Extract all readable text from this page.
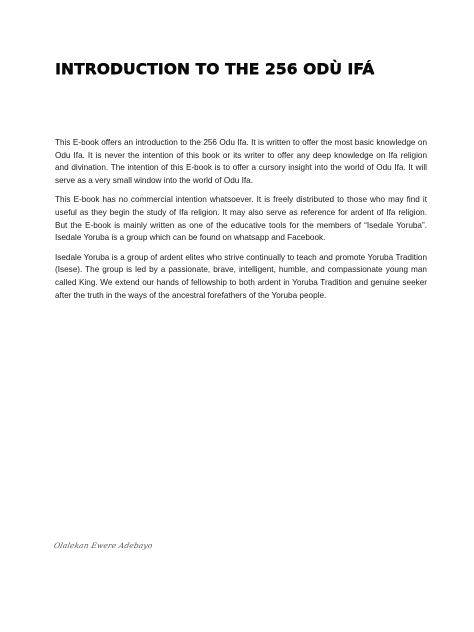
INTRODUCTION TO THE 256 ODÙ IFÁ

This E-book offers an introduction to the 256 Odu Ifa. It is written to offer the most basic knowledge on Odu Ifa. It is never the intention of this book or its writer to offer any deep knowledge on Ifa religion and divination. The intention of this E-book is to offer a cursory insight into the world of Odu Ifa. It will serve as a very small window into the world of Odu Ifa.

This E-book has no commercial intention whatsoever. It is freely distributed to those who may find it useful as they begin the study of Ifa religion. It may also serve as reference for ardent of Ifa religion. But the E-book is mainly written as one of the educative tools for the members of “Isedale Yoruba”. Isedale Yoruba is a group which can be found on whatsapp and Facebook.

Isedale Yoruba is a group of ardent elites who strive continually to teach and promote Yoruba Tradition (Isese). The group is led by a passionate, brave, intelligent, humble, and compassionate young man called King. We extend our hands of fellowship to both ardent in Yoruba Tradition and genuine seeker after the truth in the ways of the ancestral forefathers of the Yoruba people.

Olalekan Ewere Adebayo
